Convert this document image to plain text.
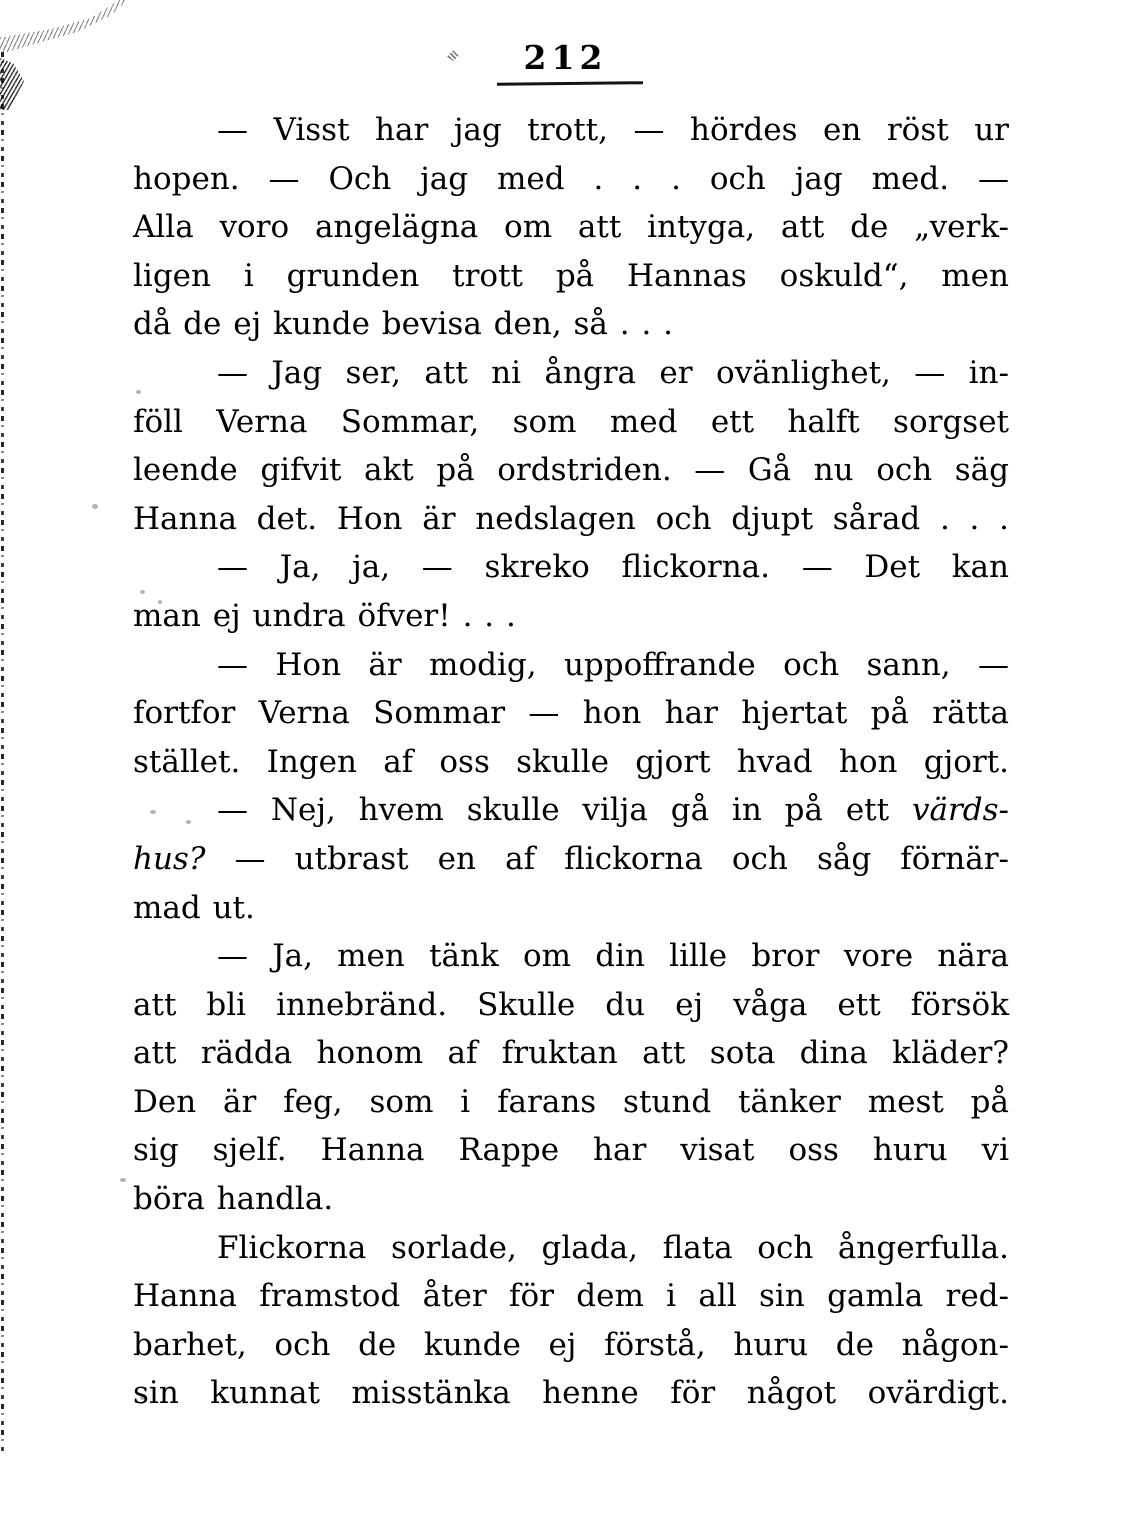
212
— Visst har jag trott, — hördes en röst ur
hopen. — Och jag med . . . och jag med. —
Alla voro angelägna om att intyga, att de „verk-
ligen i grunden trott på Hannas oskuld“, men
då de ej kunde bevisa den, så . . .
— Jag ser, att ni ångra er ovänlighet, — in-
föll Verna Sommar, som med ett halft sorgset
leende gifvit akt på ordstriden. — Gå nu och säg
Hanna det. Hon är nedslagen och djupt sårad . . .
— Ja, ja, — skreko flickorna. — Det kan
man ej undra öfver! . . .
— Hon är modig, uppoffrande och sann, —
fortfor Verna Sommar — hon har hjertat på rätta
stället. Ingen af oss skulle gjort hvad hon gjort.
— Nej, hvem skulle vilja gå in på ett värds-
hus? — utbrast en af flickorna och såg förnär-
mad ut.
— Ja, men tänk om din lille bror vore nära
att bli innebränd. Skulle du ej våga ett försök
att rädda honom af fruktan att sota dina kläder?
Den är feg, som i farans stund tänker mest på
sig sjelf. Hanna Rappe har visat oss huru vi
böra handla.
Flickorna sorlade, glada, flata och ångerfulla.
Hanna framstod åter för dem i all sin gamla red-
barhet, och de kunde ej förstå, huru de någon-
sin kunnat misstänka henne för något ovärdigt.
